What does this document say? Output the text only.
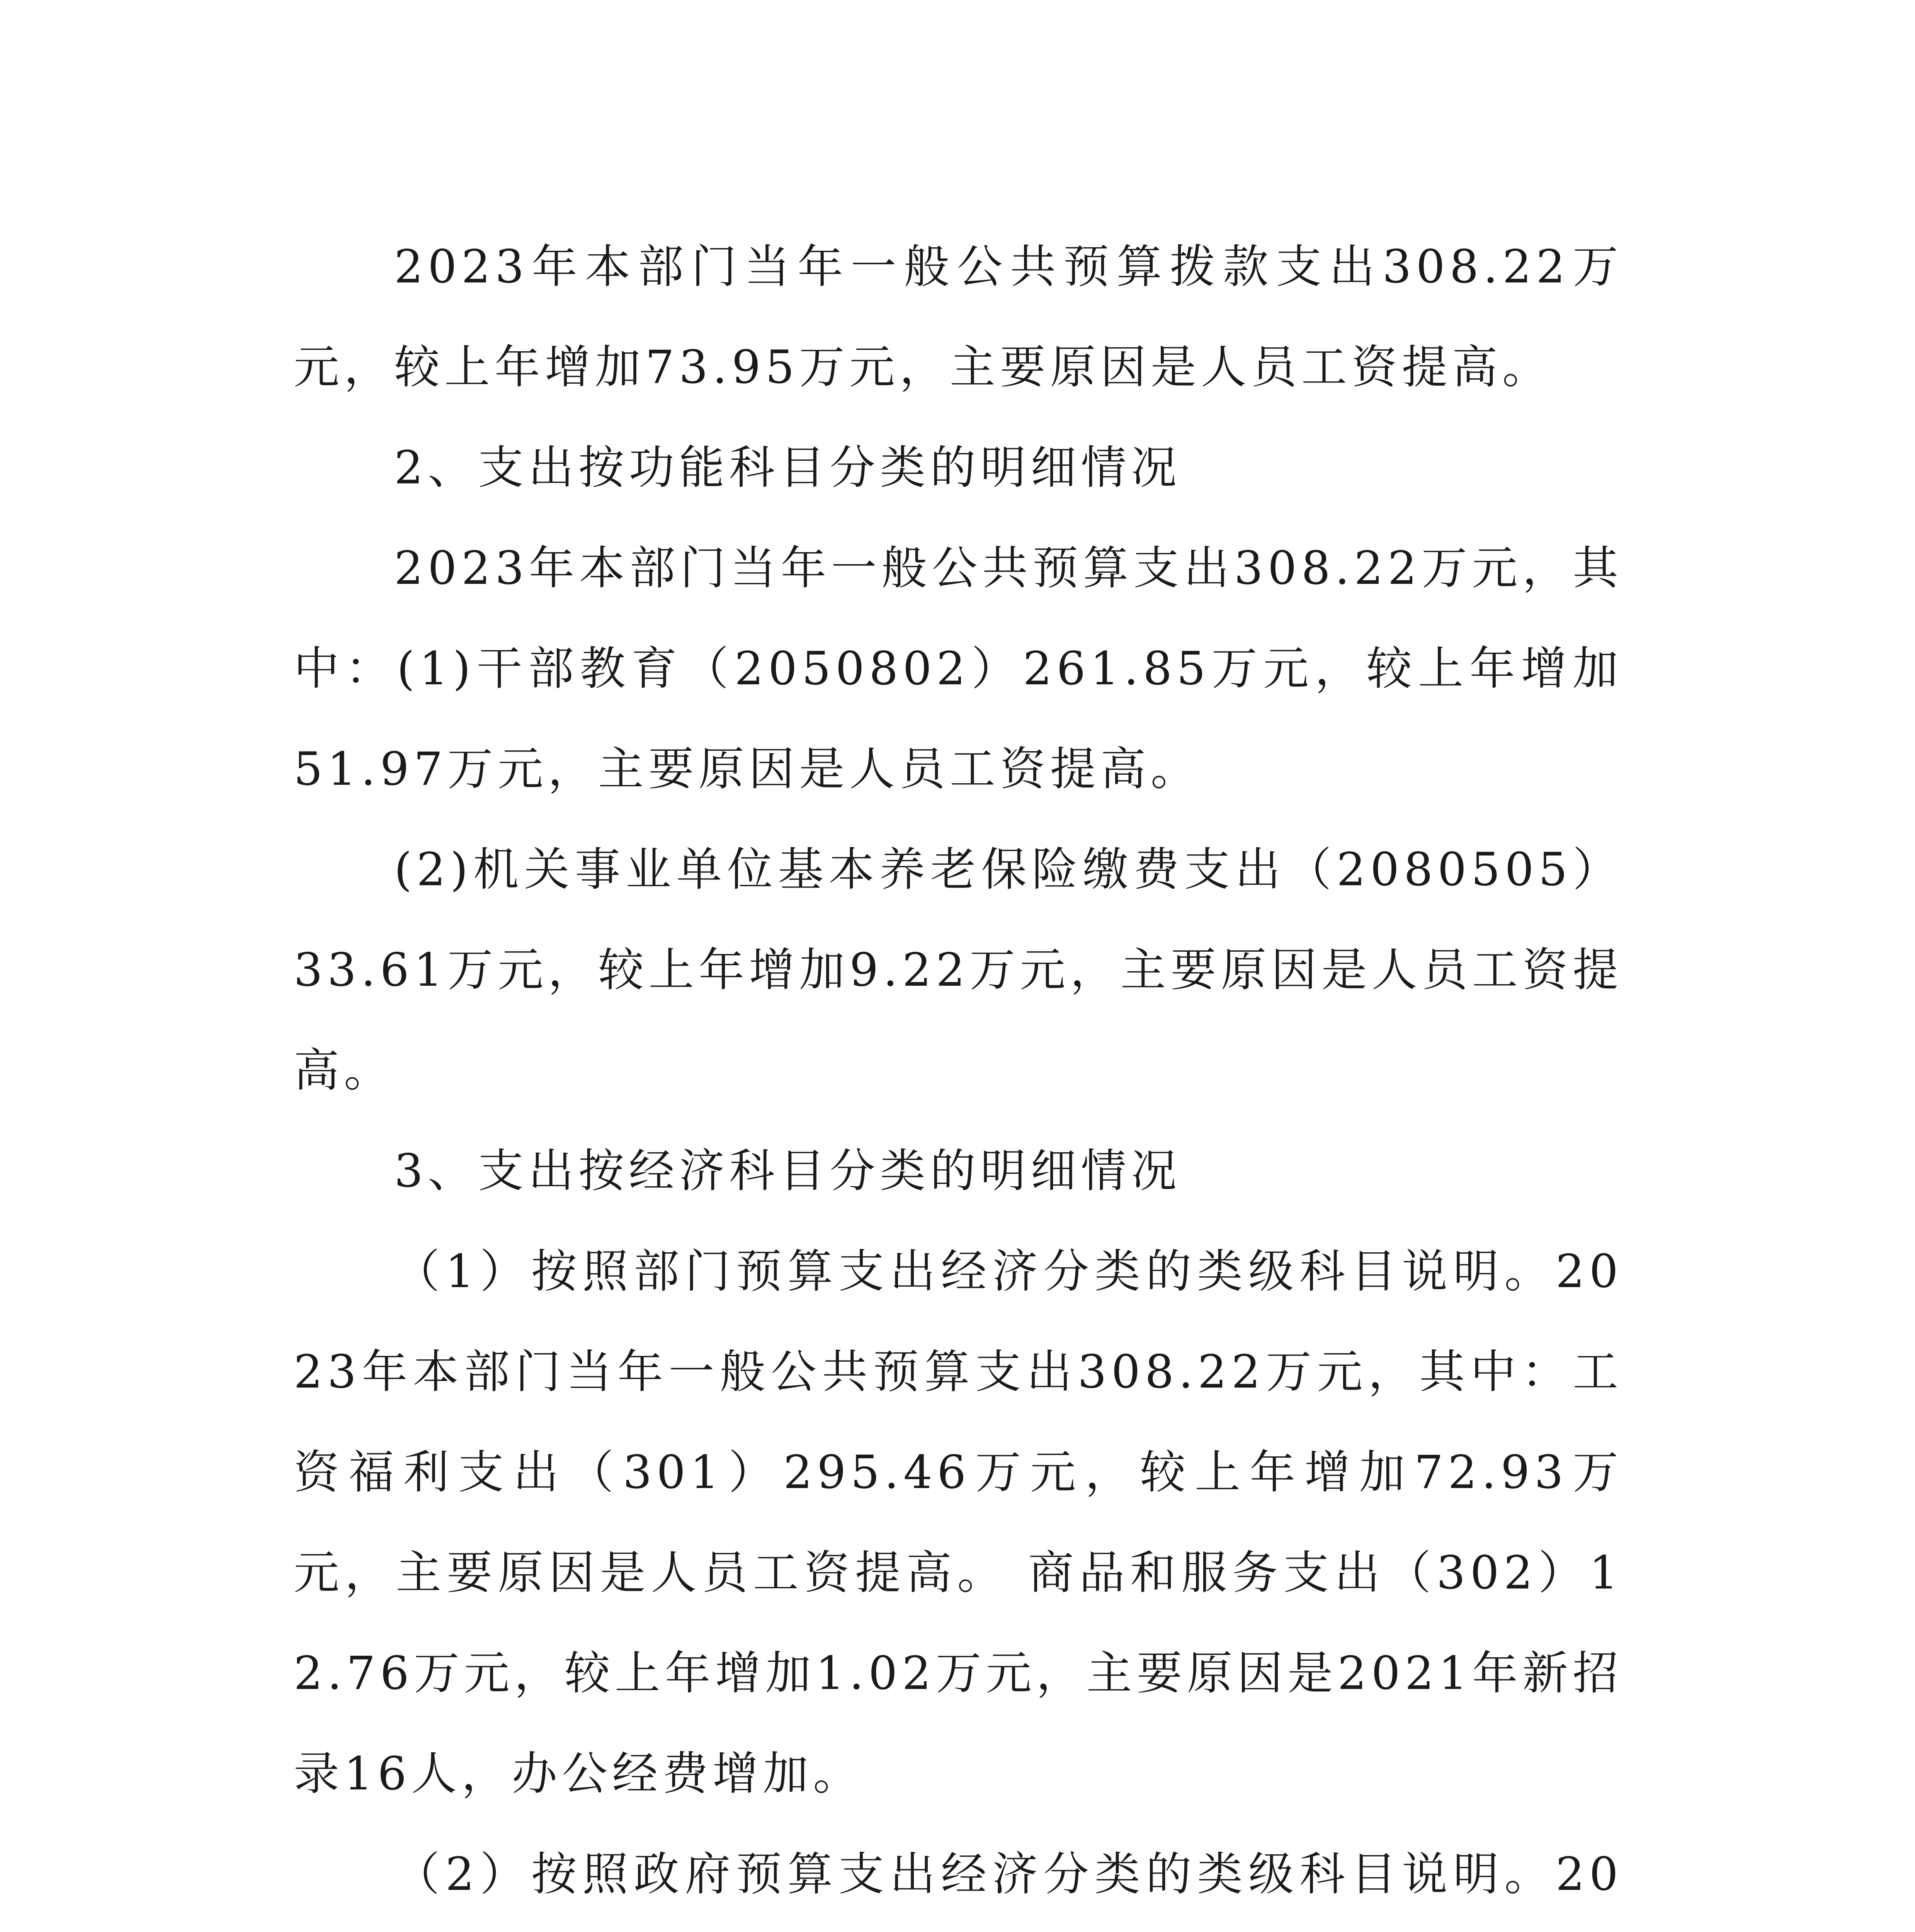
2023年本部门当年一般公共预算拨款支出308.22万元，较上年增加73.95万元，主要原因是人员工资提高。

2、支出按功能科目分类的明细情况

2023年本部门当年一般公共预算支出308.22万元，其中：(1)干部教育（2050802）261.85万元，较上年增加51.97万元，主要原因是人员工资提高。

(2)机关事业单位基本养老保险缴费支出（2080505）33.61万元，较上年增加9.22万元，主要原因是人员工资提高。

3、支出按经济科目分类的明细情况

（1）按照部门预算支出经济分类的类级科目说明。2023年本部门当年一般公共预算支出308.22万元，其中：工资福利支出（301）295.46万元，较上年增加72.93万元，主要原因是人员工资提高。 商品和服务支出（302）12.76万元，较上年增加1.02万元，主要原因是2021年新招录16人，办公经费增加。

（2）按照政府预算支出经济分类的类级科目说明。20
